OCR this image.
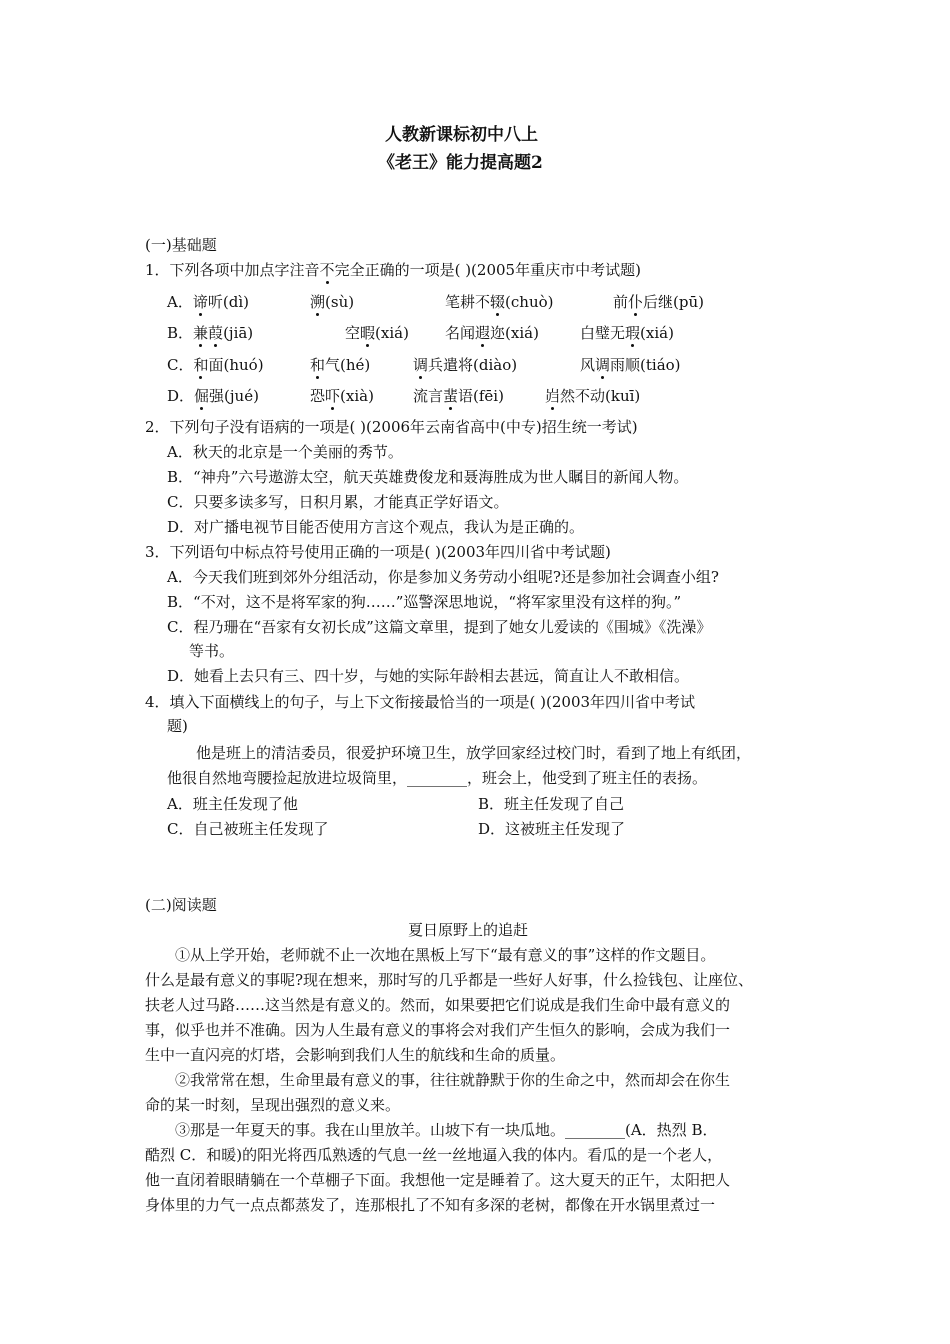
人教新课标初中八上
《老王》能力提高题2
(一)基础题
1．下列各项中加点字注音不完全正确的一项是( )(2005年重庆市中考试题)
A．谛听(dì)	溯(sù)	笔耕不辍(chuò)	前仆后继(pū)
B．兼葭(jiā)	空暇(xiá) 名闻遐迩(xiá)	白璧无瑕(xiá)
C．和面(huó)	和气(hé)	调兵遣将(diào)	风调雨顺(tiáo)
D．倔强(jué)	恐吓(xià)	流言蜚语(fēi)	岿然不动(kuī)
2．下列句子没有语病的一项是( )(2006年云南省高中(中专)招生统一考试)
A．秋天的北京是一个美丽的秀节。
B．“神舟”六号遨游太空，航天英雄费俊龙和聂海胜成为世人瞩目的新闻人物。
C．只要多读多写，日积月累，才能真正学好语文。
D．对广播电视节目能否使用方言这个观点，我认为是正确的。
3．下列语句中标点符号使用正确的一项是( )(2003年四川省中考试题)
A．今天我们班到郊外分组活动，你是参加义务劳动小组呢?还是参加社会调查小组?
B．“不对，这不是将军家的狗……”巡警深思地说，“将军家里没有这样的狗。”
C．程乃珊在“吾家有女初长成”这篇文章里，提到了她女儿爱读的《围城》《洗澡》
等书。
D．她看上去只有三、四十岁，与她的实际年龄相去甚远，简直让人不敢相信。
4．填入下面横线上的句子，与上下文衔接最恰当的一项是( )(2003年四川省中考试
题)
他是班上的清洁委员，很爱护环境卫生，放学回家经过校门时，看到了地上有纸团，
他很自然地弯腰捡起放进垃圾筒里，________，班会上，他受到了班主任的表扬。
A．班主任发现了他	B．班主任发现了自己
C．自己被班主任发现了	D．这被班主任发现了
(二)阅读题
夏日原野上的追赶
①从上学开始，老师就不止一次地在黑板上写下“最有意义的事”这样的作文题目。
什么是最有意义的事呢?现在想来，那时写的几乎都是一些好人好事，什么捡钱包、让座位、
扶老人过马路……这当然是有意义的。然而，如果要把它们说成是我们生命中最有意义的
事，似乎也并不准确。因为人生最有意义的事将会对我们产生恒久的影响，会成为我们一
生中一直闪亮的灯塔，会影响到我们人生的航线和生命的质量。
②我常常在想，生命里最有意义的事，往往就静默于你的生命之中，然而却会在你生
命的某一时刻，呈现出强烈的意义来。
③那是一年夏天的事。我在山里放羊。山坡下有一块瓜地。________(A．热烈 B．
酷烈 C．和暖)的阳光将西瓜熟透的气息一丝一丝地逼入我的体内。看瓜的是一个老人，
他一直闭着眼睛躺在一个草棚子下面。我想他一定是睡着了。这大夏天的正午，太阳把人
身体里的力气一点点都蒸发了，连那根扎了不知有多深的老树，都像在开水锅里煮过一
